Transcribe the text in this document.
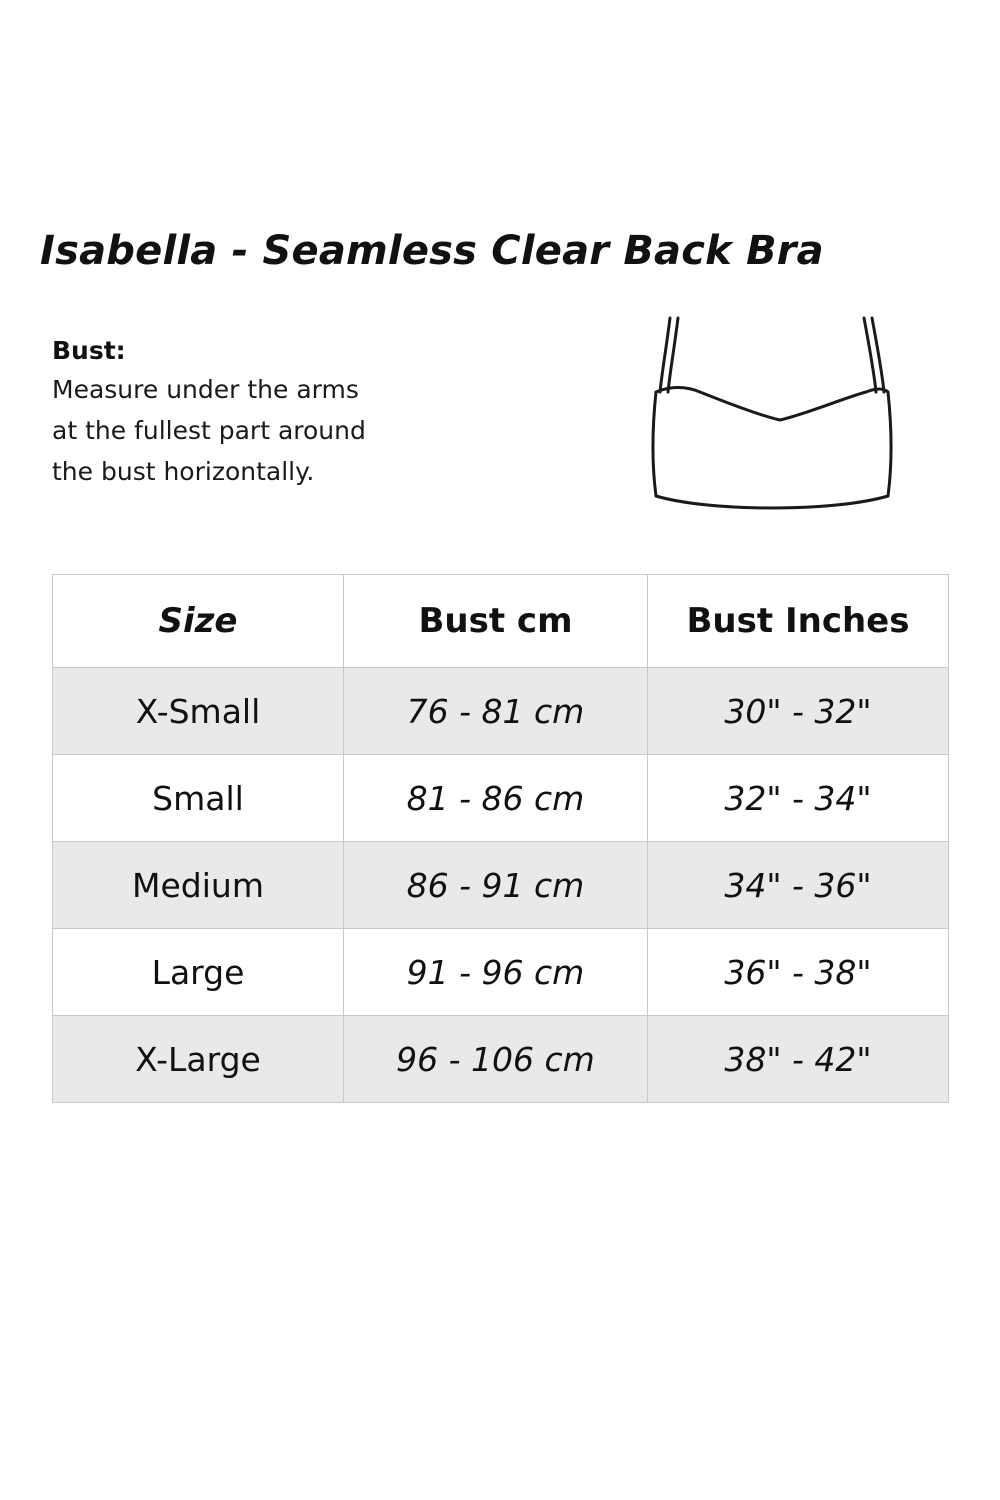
Isabella - Seamless Clear Back Bra
Bust:
Measure under the arms
at the fullest part around
the bust horizontally.
Size	Bust cm	Bust Inches
X-Small	76 - 81 cm	30" - 32"
Small	81 - 86 cm	32" - 34"
Medium	86 - 91 cm	34" - 36"
Large	91 - 96 cm	36" - 38"
X-Large	96 - 106 cm	38" - 42"
